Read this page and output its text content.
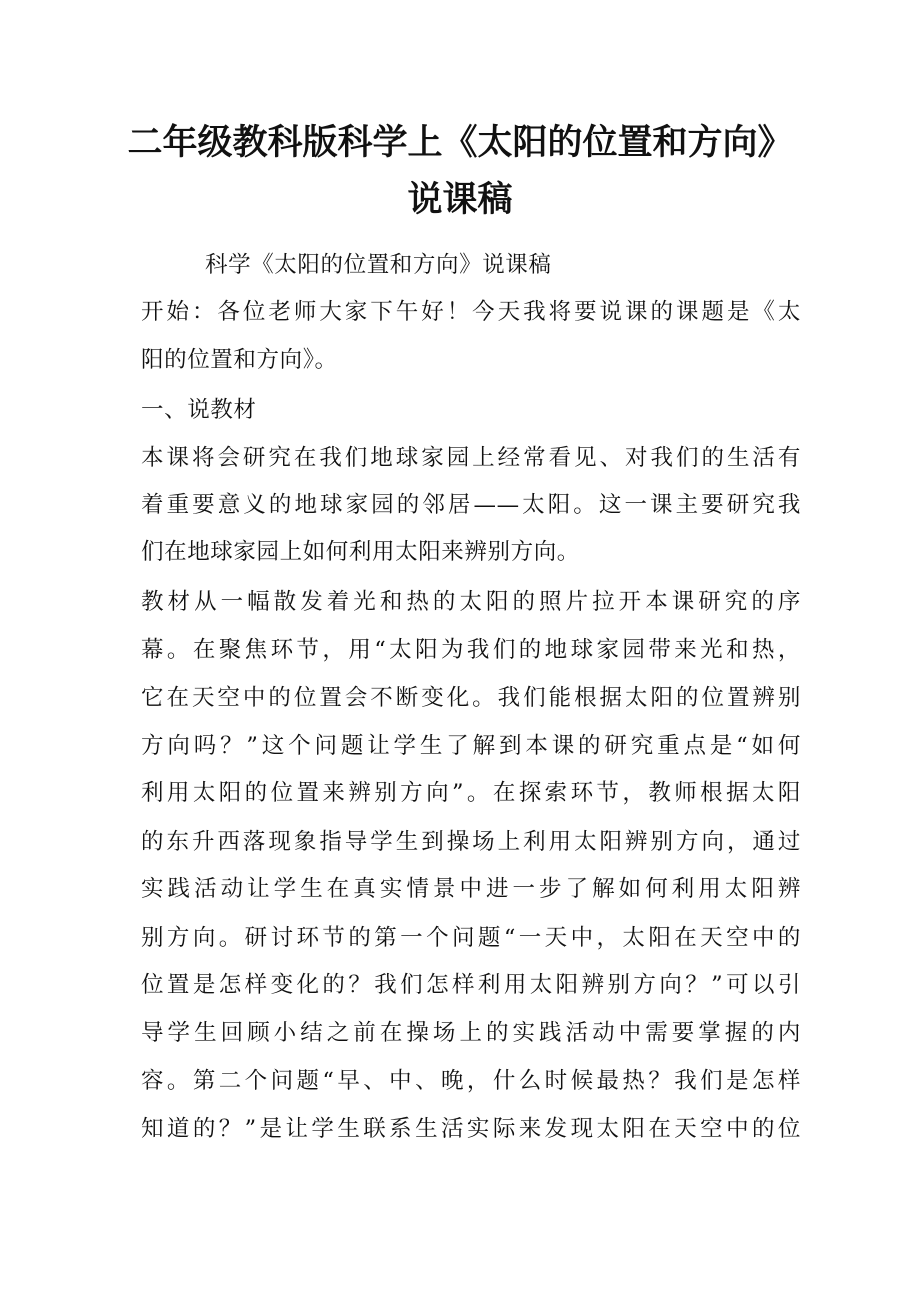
二年级教科版科学上《太阳的位置和方向》
说课稿
科学《太阳的位置和方向》说课稿
开始：各位老师大家下午好！今天我将要说课的课题是《太
阳的位置和方向》。
一、说教材
本课将会研究在我们地球家园上经常看见、对我们的生活有
着重要意义的地球家园的邻居——太阳。这一课主要研究我
们在地球家园上如何利用太阳来辨别方向。
教材从一幅散发着光和热的太阳的照片拉开本课研究的序
幕。在聚焦环节，用“太阳为我们的地球家园带来光和热，
它在天空中的位置会不断变化。我们能根据太阳的位置辨别
方向吗？”这个问题让学生了解到本课的研究重点是“如何
利用太阳的位置来辨别方向”。在探索环节，教师根据太阳
的东升西落现象指导学生到操场上利用太阳辨别方向，通过
实践活动让学生在真实情景中进一步了解如何利用太阳辨
别方向。研讨环节的第一个问题“一天中，太阳在天空中的
位置是怎样变化的？我们怎样利用太阳辨别方向？”可以引
导学生回顾小结之前在操场上的实践活动中需要掌握的内
容。第二个问题“早、中、晚，什么时候最热？我们是怎样
知道的？”是让学生联系生活实际来发现太阳在天空中的位
